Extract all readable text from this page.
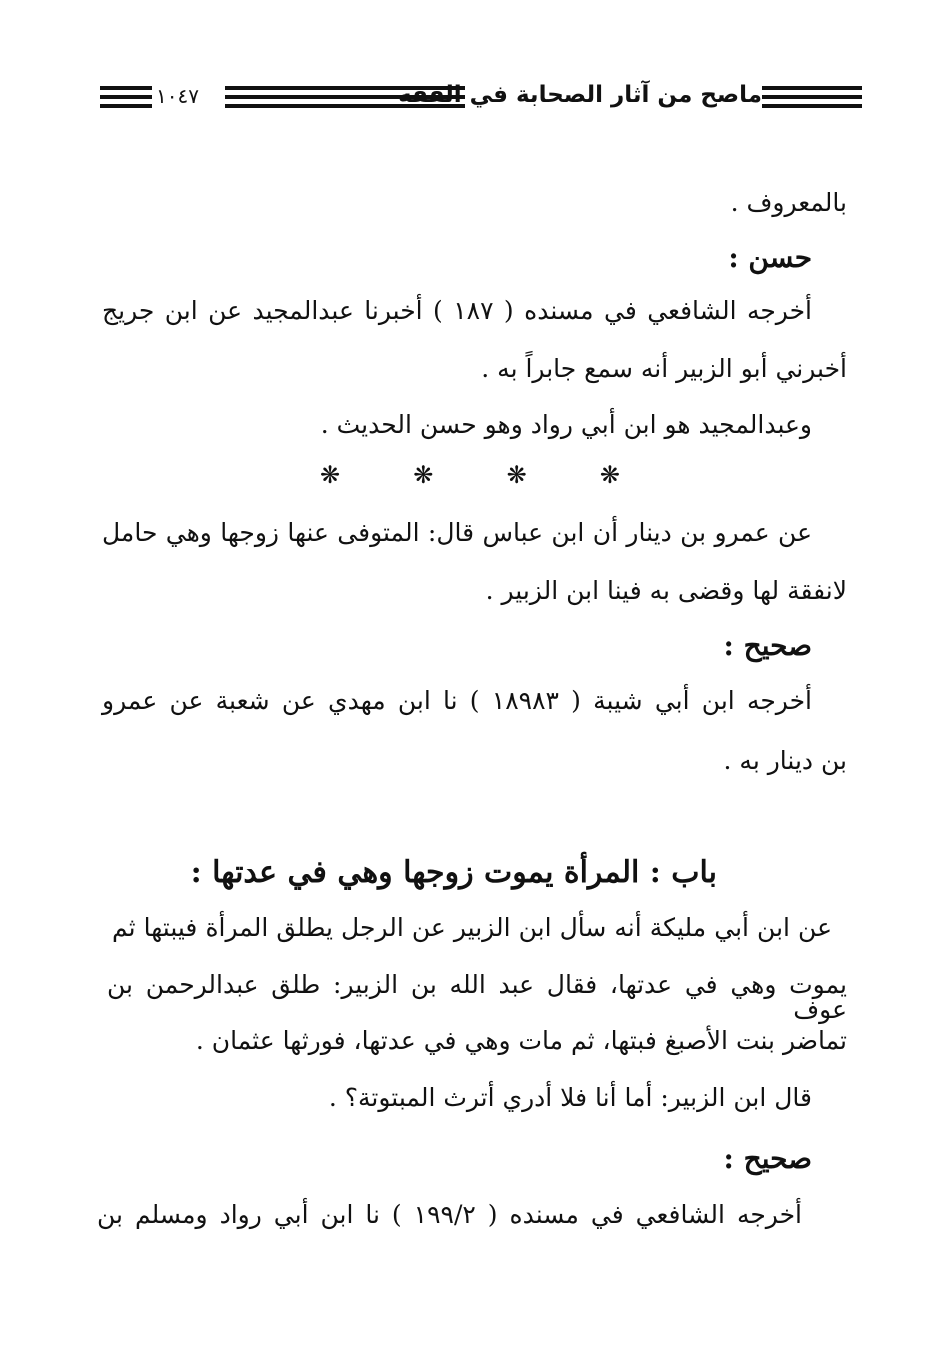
١٠٤٧	ماصح من آثار الصحابة في الفقه
بالمعروف .
حسن :
أخرجه الشافعي في مسنده ( ١٨٧ ) أخبرنا عبدالمجيد عن ابن جريج
أخبرني أبو الزبير أنه سمع جابراً به .
وعبدالمجيد هو ابن أبي رواد وهو حسن الحديث .
❋	❋	❋	❋
عن عمرو بن دينار أن ابن عباس قال: المتوفى عنها زوجها وهي حامل
لانفقة لها وقضى به فينا ابن الزبير .
صحيح :
أخرجه ابن أبي شيبة ( ١٨٩٨٣ ) نا ابن مهدي عن شعبة عن عمرو
بن دينار به .
باب : المرأة يموت زوجها وهي في عدتها :
عن ابن أبي مليكة أنه سأل ابن الزبير عن الرجل يطلق المرأة فيبتها ثم
يموت وهي في عدتها، فقال عبد الله بن الزبير: طلق عبدالرحمن بن عوف
تماضر بنت الأصبغ فبتها، ثم مات وهي في عدتها، فورثها عثمان .
قال ابن الزبير: أما أنا فلا أدري أترث المبتوتة؟ .
صحيح :
أخرجه الشافعي في مسنده ( ١٩٩/٢ ) نا ابن أبي رواد ومسلم بن
